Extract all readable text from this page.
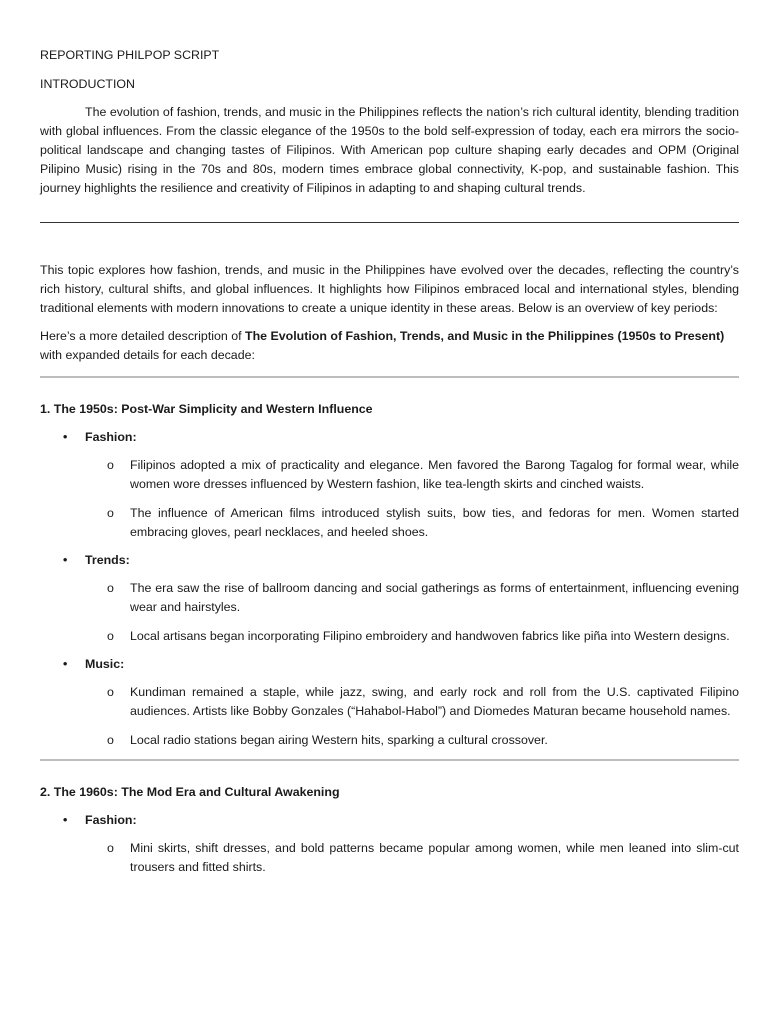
REPORTING PHILPOP SCRIPT

INTRODUCTION

The evolution of fashion, trends, and music in the Philippines reflects the nation’s rich cultural identity, blending tradition with global influences. From the classic elegance of the 1950s to the bold self-expression of today, each era mirrors the socio-political landscape and changing tastes of Filipinos. With American pop culture shaping early decades and OPM (Original Pilipino Music) rising in the 70s and 80s, modern times embrace global connectivity, K-pop, and sustainable fashion. This journey highlights the resilience and creativity of Filipinos in adapting to and shaping cultural trends.

This topic explores how fashion, trends, and music in the Philippines have evolved over the decades, reflecting the country’s rich history, cultural shifts, and global influences. It highlights how Filipinos embraced local and international styles, blending traditional elements with modern innovations to create a unique identity in these areas. Below is an overview of key periods:

Here’s a more detailed description of The Evolution of Fashion, Trends, and Music in the Philippines (1950s to Present) with expanded details for each decade:

1. The 1950s: Post-War Simplicity and Western Influence
• Fashion:
o Filipinos adopted a mix of practicality and elegance. Men favored the Barong Tagalog for formal wear, while women wore dresses influenced by Western fashion, like tea-length skirts and cinched waists.
o The influence of American films introduced stylish suits, bow ties, and fedoras for men. Women started embracing gloves, pearl necklaces, and heeled shoes.
• Trends:
o The era saw the rise of ballroom dancing and social gatherings as forms of entertainment, influencing evening wear and hairstyles.
o Local artisans began incorporating Filipino embroidery and handwoven fabrics like piña into Western designs.
• Music:
o Kundiman remained a staple, while jazz, swing, and early rock and roll from the U.S. captivated Filipino audiences. Artists like Bobby Gonzales (“Hahabol-Habol”) and Diomedes Maturan became household names.
o Local radio stations began airing Western hits, sparking a cultural crossover.
2. The 1960s: The Mod Era and Cultural Awakening
• Fashion:
o Mini skirts, shift dresses, and bold patterns became popular among women, while men leaned into slim-cut trousers and fitted shirts.
